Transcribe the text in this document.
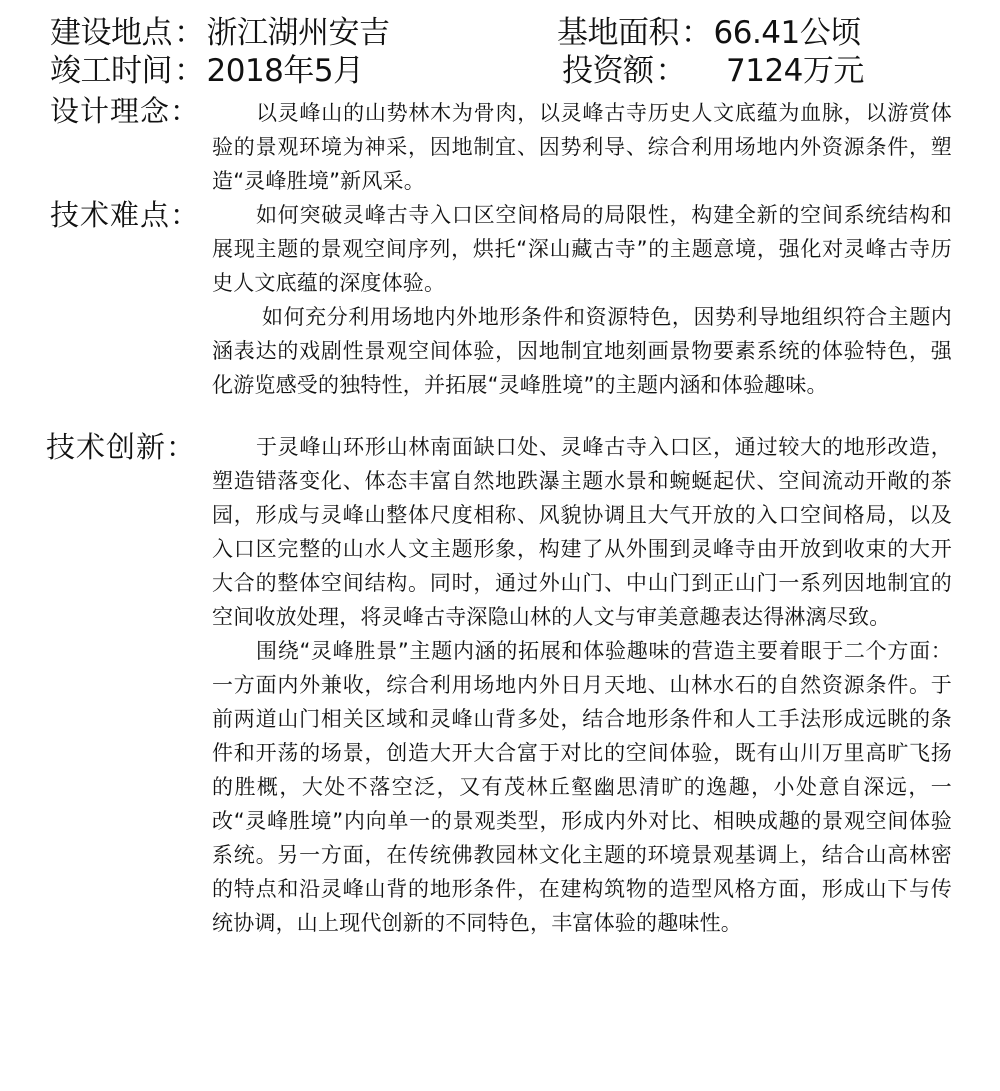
建设地点：浙江湖州安吉	基地面积：66.41公顷
竣工时间：2018年5月	投资额： 7124万元
设计理念：	以灵峰山的山势林木为骨肉，以灵峰古寺历史人文底蕴为血脉，以游赏体验的景观环境为神采，因地制宜、因势利导、综合利用场地内外资源条件，塑造“灵峰胜境”新风采。

技术难点：	如何突破灵峰古寺入口区空间格局的局限性，构建全新的空间系统结构和展现主题的景观空间序列，烘托“深山藏古寺”的主题意境，强化对灵峰古寺历史人文底蕴的深度体验。

如何充分利用场地内外地形条件和资源特色，因势利导地组织符合主题内涵表达的戏剧性景观空间体验，因地制宜地刻画景物要素系统的体验特色，强化游览感受的独特性，并拓展“灵峰胜境”的主题内涵和体验趣味。

技术创新：	于灵峰山环形山林南面缺口处、灵峰古寺入口区，通过较大的地形改造，塑造错落变化、体态丰富自然地跌瀑主题水景和蜿蜒起伏、空间流动开敞的茶园，形成与灵峰山整体尺度相称、风貌协调且大气开放的入口空间格局，以及入口区完整的山水人文主题形象，构建了从外围到灵峰寺由开放到收束的大开大合的整体空间结构。同时，通过外山门、中山门到正山门一系列因地制宜的空间收放处理，将灵峰古寺深隐山林的人文与审美意趣表达得淋漓尽致。

围绕“灵峰胜景”主题内涵的拓展和体验趣味的营造主要着眼于二个方面：一方面内外兼收，综合利用场地内外日月天地、山林水石的自然资源条件。于前两道山门相关区域和灵峰山背多处，结合地形条件和人工手法形成远眺的条件和开荡的场景，创造大开大合富于对比的空间体验，既有山川万里高旷飞扬的胜概，大处不落空泛，又有茂林丘壑幽思清旷的逸趣，小处意自深远，一改“灵峰胜境”内向单一的景观类型，形成内外对比、相映成趣的景观空间体验系统。另一方面，在传统佛教园林文化主题的环境景观基调上，结合山高林密的特点和沿灵峰山背的地形条件，在建构筑物的造型风格方面，形成山下与传统协调，山上现代创新的不同特色，丰富体验的趣味性。
